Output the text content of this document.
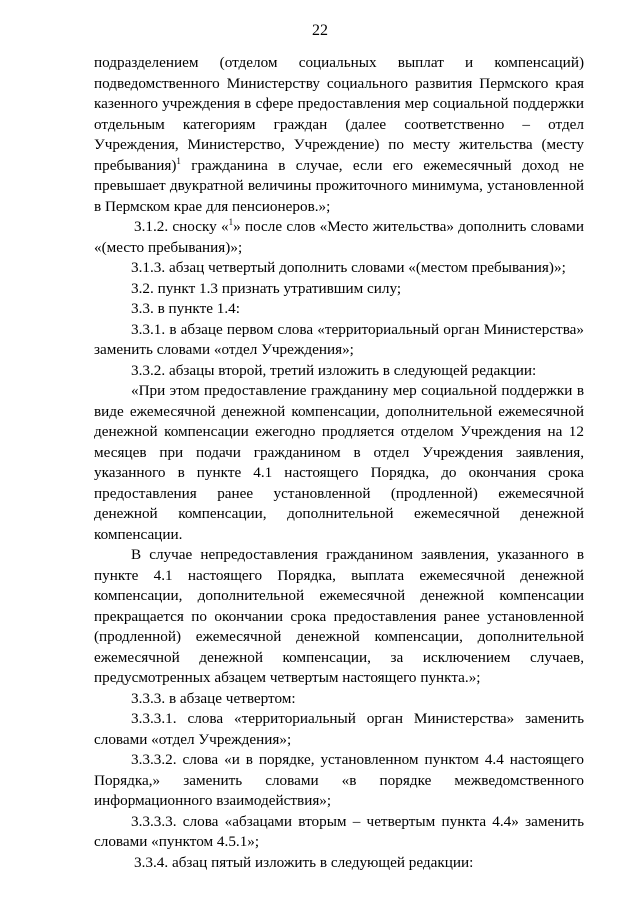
22

подразделением (отделом социальных выплат и компенсаций) подведомственного Министерству социального развития Пермского края казенного учреждения в сфере предоставления мер социальной поддержки отдельным категориям граждан (далее соответственно – отдел Учреждения, Министерство, Учреждение) по месту жительства (месту пребывания)$^1$ гражданина в случае, если его ежемесячный доход не превышает двукратной величины прожиточного минимума, установленной в Пермском крае для пенсионеров.»;

3.1.2. сноску «$^1$» после слов «Место жительства» дополнить словами «(место пребывания)»;

3.1.3. абзац четвертый дополнить словами «(местом пребывания)»;

3.2. пункт 1.3 признать утратившим силу;

3.3. в пункте 1.4:

3.3.1. в абзаце первом слова «территориальный орган Министерства» заменить словами «отдел Учреждения»;

3.3.2. абзацы второй, третий изложить в следующей редакции:

«При этом предоставление гражданину мер социальной поддержки в виде ежемесячной денежной компенсации, дополнительной ежемесячной денежной компенсации ежегодно продляется отделом Учреждения на 12 месяцев при подачи гражданином в отдел Учреждения заявления, указанного в пункте 4.1 настоящего Порядка, до окончания срока предоставления ранее установленной (продленной) ежемесячной денежной компенсации, дополнительной ежемесячной денежной компенсации.

В случае непредоставления гражданином заявления, указанного в пункте 4.1 настоящего Порядка, выплата ежемесячной денежной компенсации, дополнительной ежемесячной денежной компенсации прекращается по окончании срока предоставления ранее установленной (продленной) ежемесячной денежной компенсации, дополнительной ежемесячной денежной компенсации, за исключением случаев, предусмотренных абзацем четвертым настоящего пункта.»;

3.3.3. в абзаце четвертом:

3.3.3.1. слова «территориальный орган Министерства» заменить словами «отдел Учреждения»;

3.3.3.2. слова «и в порядке, установленном пунктом 4.4 настоящего Порядка,» заменить словами «в порядке межведомственного информационного взаимодействия»;

3.3.3.3. слова «абзацами вторым – четвертым пункта 4.4» заменить словами «пунктом 4.5.1»;

3.3.4. абзац пятый изложить в следующей редакции:
